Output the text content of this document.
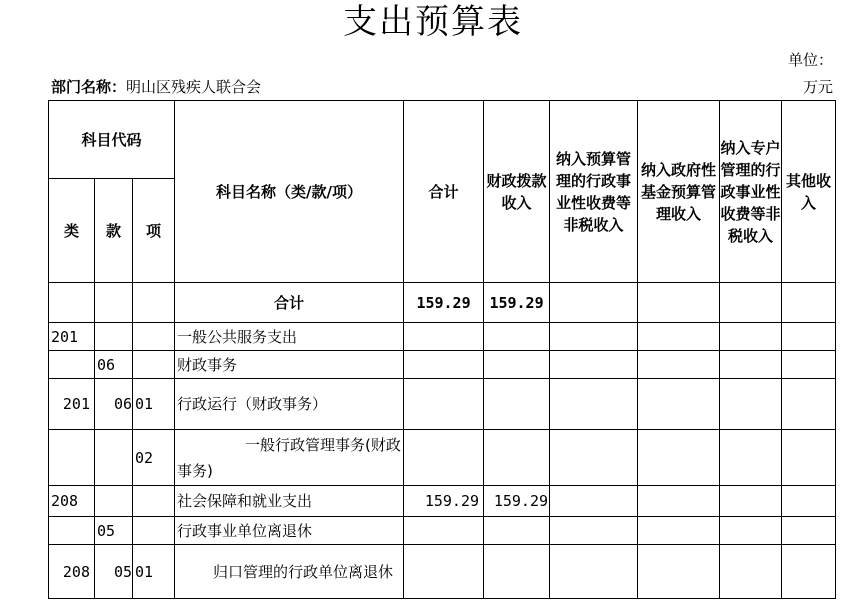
支出预算表
单位：
部门名称：明山区残疾人联合会	万元
科目代码			科目名称（类/款/项）	合计	财政拨款收入	纳入预算管理的行政事业性收费等非税收入	纳入政府性基金预算管理收入	纳入专户管理的行政事业性收费等非税收入	其他收入
类	款	项							
			合计	159.29	159.29				
201			一般公共服务支出						
	06		财政事务						
201	06	01	行政运行（财政事务）						
		02	一般行政管理事务(财政事务)						
208			社会保障和就业支出	159.29	159.29				
	05		行政事业单位离退休						
208	05	01	归口管理的行政单位离退休						
